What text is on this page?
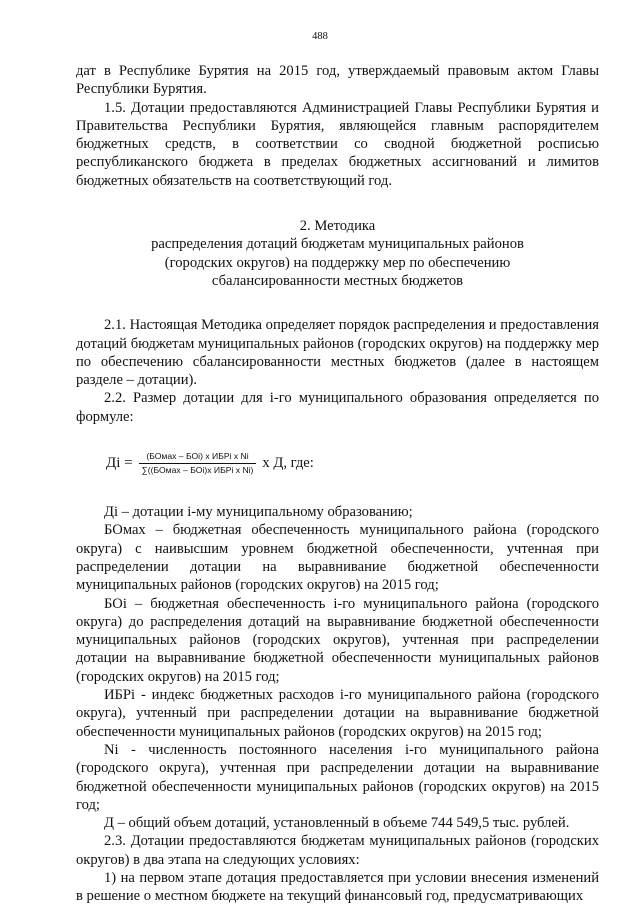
488

дат в Республике Бурятия на 2015 год, утверждаемый правовым актом Главы Республики Бурятия.

1.5. Дотации предоставляются Администрацией Главы Республики Бурятия и Правительства Республики Бурятия, являющейся главным распорядителем бюджетных средств, в соответствии со сводной бюджетной росписью республиканского бюджета в пределах бюджетных ассигнований и лимитов бюджетных обязательств на соответствующий год.

2. Методика
распределения дотаций бюджетам муниципальных районов
(городских округов) на поддержку мер по обеспечению
сбалансированности местных бюджетов

2.1. Настоящая Методика определяет порядок распределения и предоставления дотаций бюджетам муниципальных районов (городских округов) на поддержку мер по обеспечению сбалансированности местных бюджетов (далее в настоящем разделе – дотации).

2.2. Размер дотации для i-го муниципального образования определяется по формуле:

Дi = $\frac{\text{(БОмах – БОi) х ИБРi х Ni}}{\text{∑((БОмах – БОi)х ИБРi х Ni)}}$ х Д, где:

Дi – дотации i-му муниципальному образованию;

БОмах – бюджетная обеспеченность муниципального района (городского округа) с наивысшим уровнем бюджетной обеспеченности, учтенная при распределении дотации на выравнивание бюджетной обеспеченности муниципальных районов (городских округов) на 2015 год;

БОi – бюджетная обеспеченность i-го муниципального района (городского округа) до распределения дотаций на выравнивание бюджетной обеспеченности муниципальных районов (городских округов), учтенная при распределении дотации на выравнивание бюджетной обеспеченности муниципальных районов (городских округов) на 2015 год;

ИБРi - индекс бюджетных расходов i-го муниципального района (городского округа), учтенный при распределении дотации на выравнивание бюджетной обеспеченности муниципальных районов (городских округов) на 2015 год;

Ni - численность постоянного населения i-го муниципального района (городского округа), учтенная при распределении дотации на выравнивание бюджетной обеспеченности муниципальных районов (городских округов) на 2015 год;

Д – общий объем дотаций, установленный в объеме 744 549,5 тыс. рублей.

2.3. Дотации предоставляются бюджетам муниципальных районов (городских округов) в два этапа на следующих условиях:

1) на первом этапе дотация предоставляется при условии внесения изменений в решение о местном бюджете на текущий финансовый год, предусматривающих
